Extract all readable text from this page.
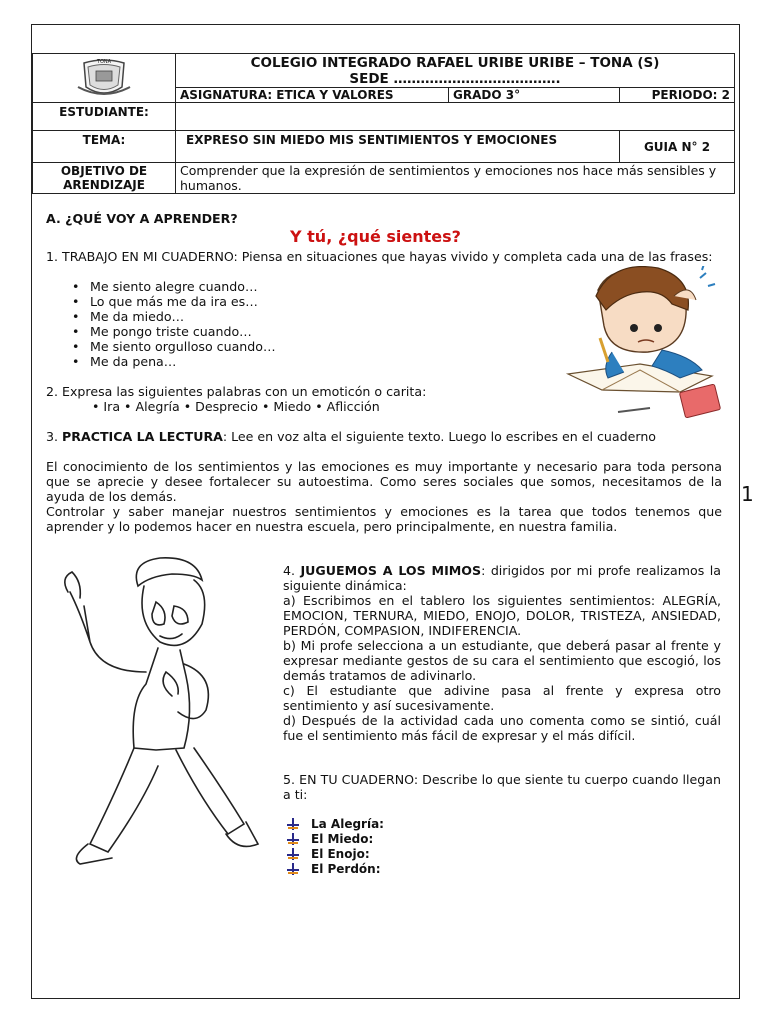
1
TONA	COLEGIO INTEGRADO RAFAEL URIBE URIBE – TONA (S)
SEDE ……………………………….		

	ASIGNATURA: ETICA Y VALORES	GRADO 3°	PERIODO: 2
ESTUDIANTE:			
TEMA:	EXPRESO SIN MIEDO MIS SENTIMIENTOS Y EMOCIONES		GUIA N° 2
OBJETIVO DE ARENDIZAJE	Comprender que la expresión de sentimientos y emociones nos hace más sensibles y humanos.		
A. ¿QUÉ VOY A APRENDER?
Y tú, ¿qué sientes?
1. TRABAJO EN MI CUADERNO: Piensa en situaciones que hayas vivido y completa cada una de las frases:
• Me siento alegre cuando…
• Lo que más me da ira es…
• Me da miedo…
• Me pongo triste cuando…
• Me siento orgulloso cuando…
• Me da pena…
2. Expresa las siguientes palabras con un emoticón o carita:
• Ira • Alegría • Desprecio • Miedo • Aflicción
3. PRACTICA LA LECTURA: Lee en voz alta el siguiente texto. Luego lo escribes en el cuaderno
El conocimiento de los sentimientos y las emociones es muy importante y necesario para toda persona que se aprecie y desee fortalecer su autoestima. Como seres sociales que somos, necesitamos de la ayuda de los demás.
Controlar y saber manejar nuestros sentimientos y emociones es la tarea que todos tenemos que aprender y lo podemos hacer en nuestra escuela, pero principalmente, en nuestra familia.
4. JUGUEMOS A LOS MIMOS: dirigidos por mi profe realizamos la siguiente dinámica:
a) Escribimos en el tablero los siguientes sentimientos: ALEGRÍA, EMOCION, TERNURA, MIEDO, ENOJO, DOLOR, TRISTEZA, ANSIEDAD, PERDÓN, COMPASION, INDIFERENCIA.
b) Mi profe selecciona a un estudiante, que deberá pasar al frente y expresar mediante gestos de su cara el sentimiento que escogió, los demás tratamos de adivinarlo.
c) El estudiante que adivine pasa al frente y expresa otro sentimiento y así sucesivamente.
d) Después de la actividad cada uno comenta como se sintió, cuál fue el sentimiento más fácil de expresar y el más difícil.
5. EN TU CUADERNO: Describe lo que siente tu cuerpo cuando llegan a ti:
La Alegría:
El Miedo:
El Enojo:
El Perdón:
